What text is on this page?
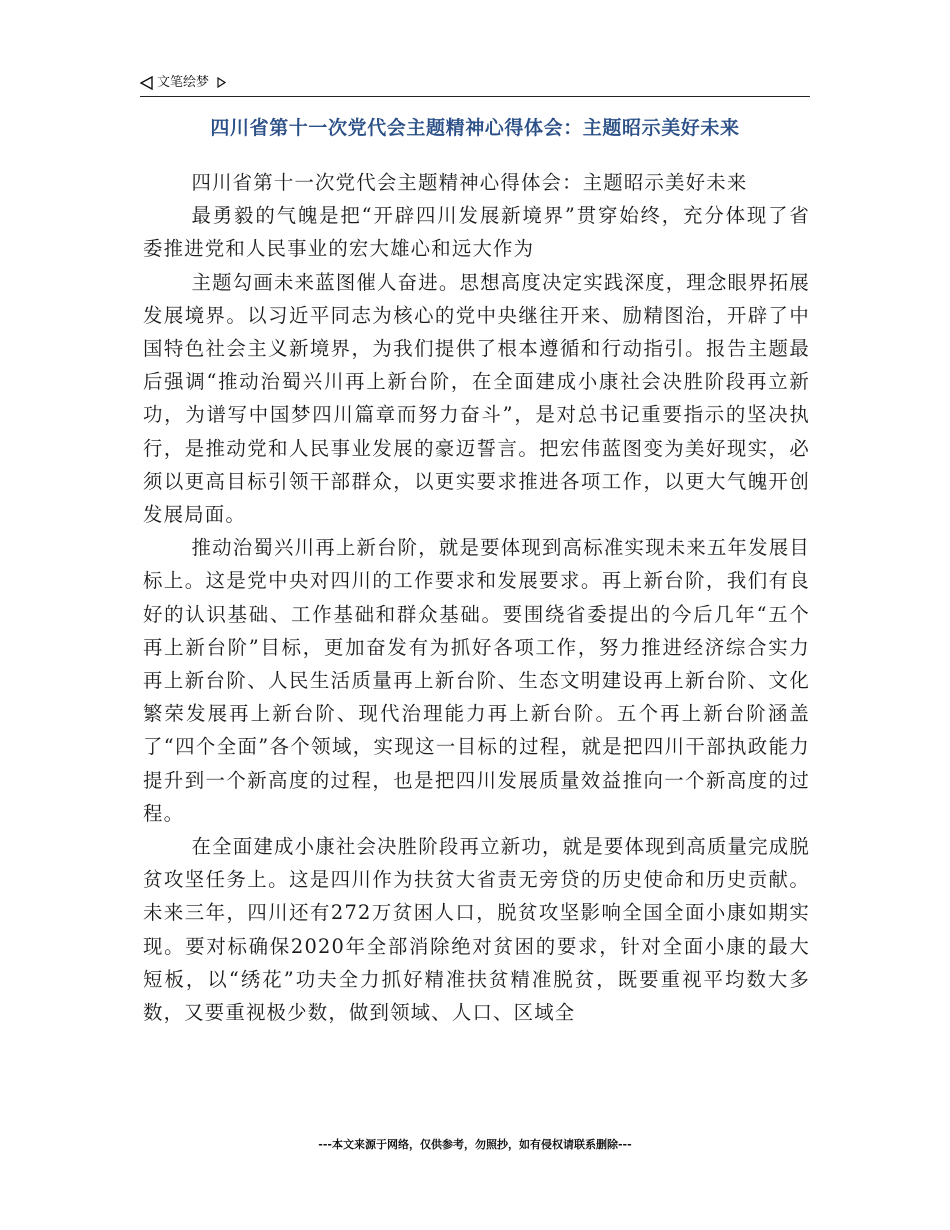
文笔绘梦
四川省第十一次党代会主题精神心得体会：主题昭示美好未来

四川省第十一次党代会主题精神心得体会：主题昭示美好未来

最勇毅的气魄是把“开辟四川发展新境界”贯穿始终，充分体现了省委推进党和人民事业的宏大雄心和远大作为

主题勾画未来蓝图催人奋进。思想高度决定实践深度，理念眼界拓展发展境界。以习近平同志为核心的党中央继往开来、励精图治，开辟了中国特色社会主义新境界，为我们提供了根本遵循和行动指引。报告主题最后强调“推动治蜀兴川再上新台阶，在全面建成小康社会决胜阶段再立新功，为谱写中国梦四川篇章而努力奋斗”，是对总书记重要指示的坚决执行，是推动党和人民事业发展的豪迈誓言。把宏伟蓝图变为美好现实，必须以更高目标引领干部群众，以更实要求推进各项工作，以更大气魄开创发展局面。

推动治蜀兴川再上新台阶，就是要体现到高标准实现未来五年发展目标上。这是党中央对四川的工作要求和发展要求。再上新台阶，我们有良好的认识基础、工作基础和群众基础。要围绕省委提出的今后几年“五个再上新台阶”目标，更加奋发有为抓好各项工作，努力推进经济综合实力再上新台阶、人民生活质量再上新台阶、生态文明建设再上新台阶、文化繁荣发展再上新台阶、现代治理能力再上新台阶。五个再上新台阶涵盖了“四个全面”各个领域，实现这一目标的过程，就是把四川干部执政能力提升到一个新高度的过程，也是把四川发展质量效益推向一个新高度的过程。

在全面建成小康社会决胜阶段再立新功，就是要体现到高质量完成脱贫攻坚任务上。这是四川作为扶贫大省责无旁贷的历史使命和历史贡献。未来三年，四川还有272万贫困人口，脱贫攻坚影响全国全面小康如期实现。要对标确保2020年全部消除绝对贫困的要求，针对全面小康的最大短板，以“绣花”功夫全力抓好精准扶贫精准脱贫，既要重视平均数大多数，又要重视极少数，做到领域、人口、区域全

---本文来源于网络，仅供参考，勿照抄，如有侵权请联系删除---
